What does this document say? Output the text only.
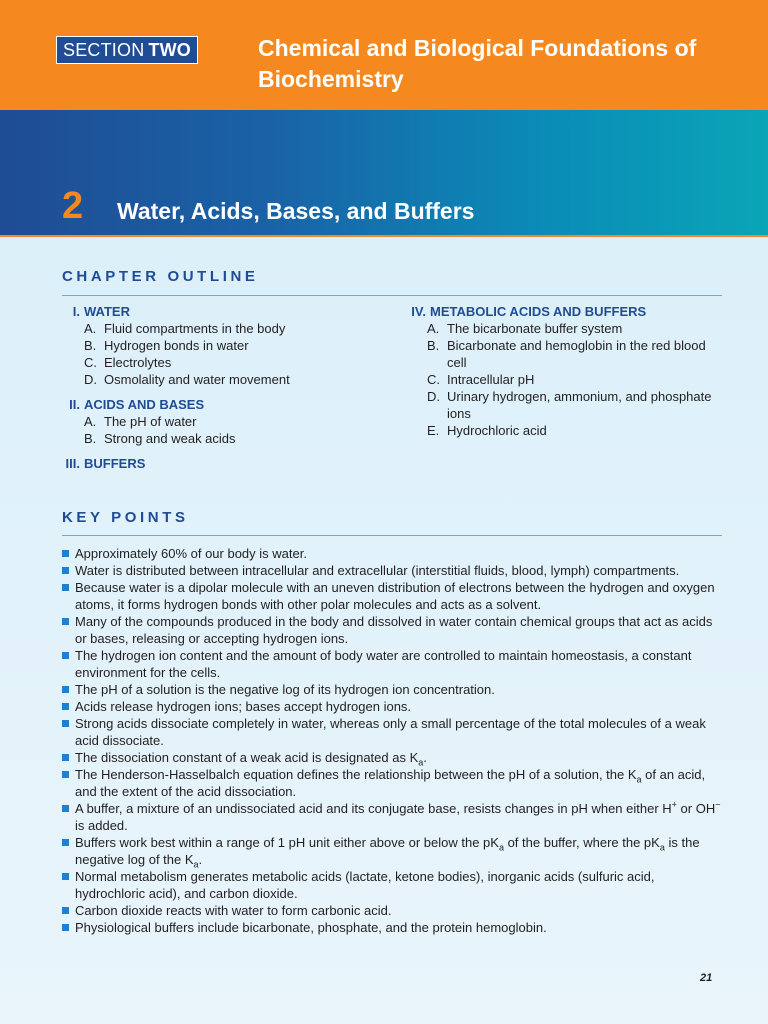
SECTION TWO	Chemical and Biological Foundations of Biochemistry
2 Water, Acids, Bases, and Buffers
CHAPTER OUTLINE
I. WATER
A. Fluid compartments in the body
B. Hydrogen bonds in water
C. Electrolytes
D. Osmolality and water movement
II. ACIDS AND BASES
A. The pH of water
B. Strong and weak acids
III. BUFFERS
IV. METABOLIC ACIDS AND BUFFERS
A. The bicarbonate buffer system
B. Bicarbonate and hemoglobin in the red blood cell
C. Intracellular pH
D. Urinary hydrogen, ammonium, and phosphate ions
E. Hydrochloric acid
KEY POINTS
Approximately 60% of our body is water.
Water is distributed between intracellular and extracellular (interstitial fluids, blood, lymph) compartments.
Because water is a dipolar molecule with an uneven distribution of electrons between the hydrogen and oxygen atoms, it forms hydrogen bonds with other polar molecules and acts as a solvent.
Many of the compounds produced in the body and dissolved in water contain chemical groups that act as acids or bases, releasing or accepting hydrogen ions.
The hydrogen ion content and the amount of body water are controlled to maintain homeostasis, a constant environment for the cells.
The pH of a solution is the negative log of its hydrogen ion concentration.
Acids release hydrogen ions; bases accept hydrogen ions.
Strong acids dissociate completely in water, whereas only a small percentage of the total molecules of a weak acid dissociate.
The dissociation constant of a weak acid is designated as $K_a$.
The Henderson-Hasselbalch equation defines the relationship between the pH of a solution, the $K_a$ of an acid, and the extent of the acid dissociation.
A buffer, a mixture of an undissociated acid and its conjugate base, resists changes in pH when either H+ or OH− is added.
Buffers work best within a range of 1 pH unit either above or below the $pK_a$ of the buffer, where the $pK_a$ is the negative log of the $K_a$.
Normal metabolism generates metabolic acids (lactate, ketone bodies), inorganic acids (sulfuric acid, hydrochloric acid), and carbon dioxide.
Carbon dioxide reacts with water to form carbonic acid.
Physiological buffers include bicarbonate, phosphate, and the protein hemoglobin.
21
